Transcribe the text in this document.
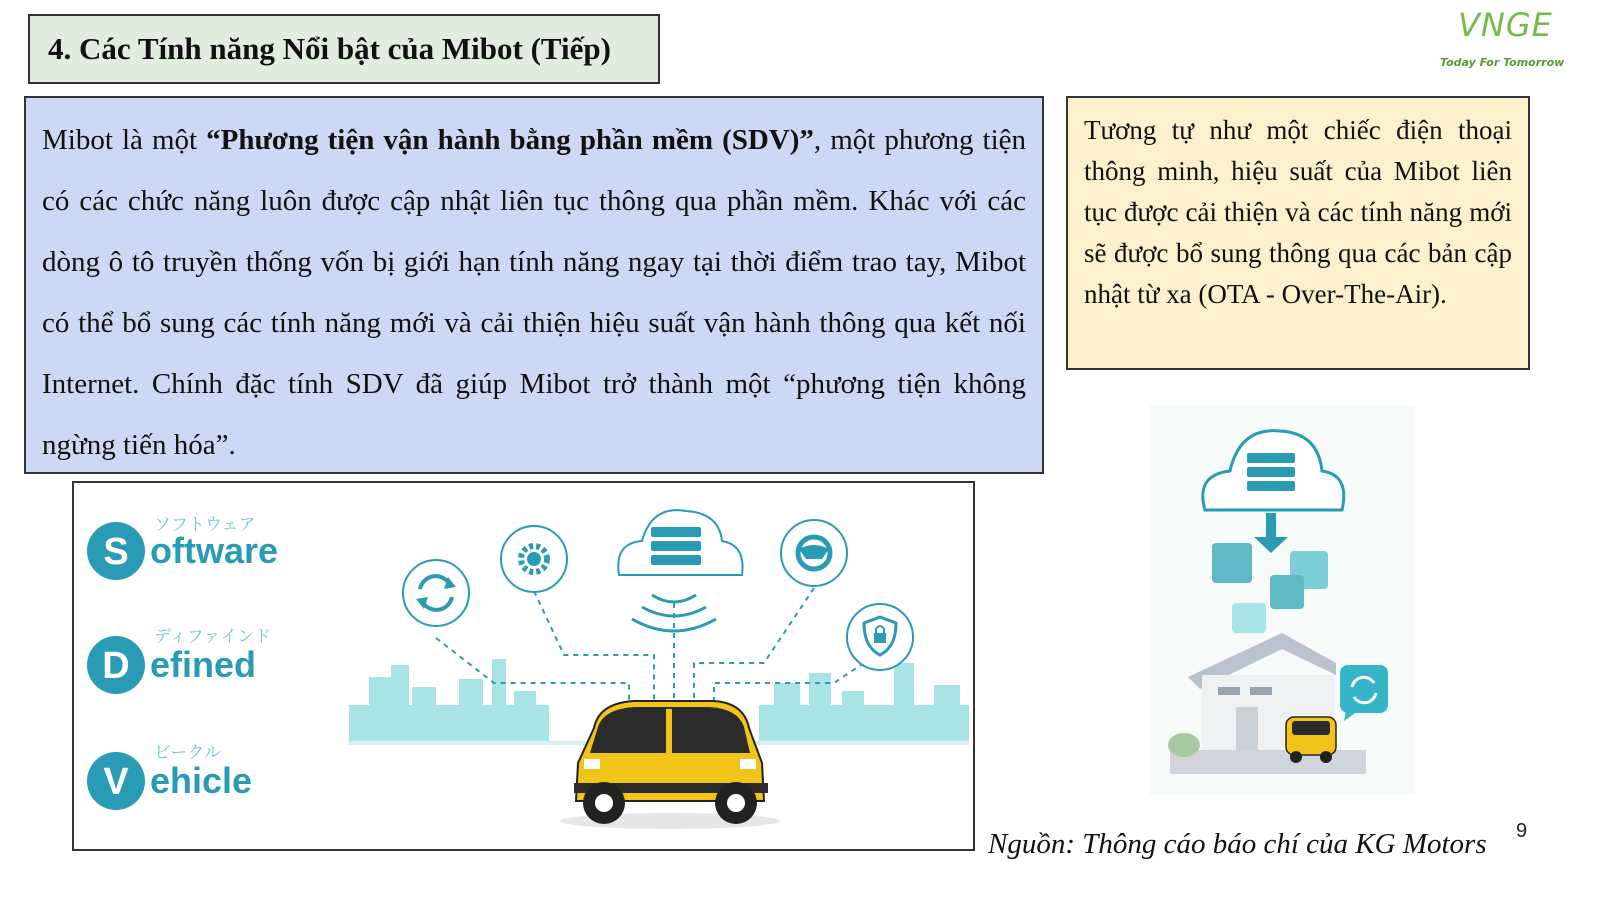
4. Các Tính năng Nổi bật của Mibot (Tiếp)
VNGE
Today For Tomorrow

Mibot là một “Phương tiện vận hành bằng phần mềm (SDV)”, một phương tiện có các chức năng luôn được cập nhật liên tục thông qua phần mềm. Khác với các dòng ô tô truyền thống vốn bị giới hạn tính năng ngay tại thời điểm trao tay, Mibot có thể bổ sung các tính năng mới và cải thiện hiệu suất vận hành thông qua kết nối Internet. Chính đặc tính SDV đã giúp Mibot trở thành một “phương tiện không ngừng tiến hóa”.

Tương tự như một chiếc điện thoại thông minh, hiệu suất của Mibot liên tục được cải thiện và các tính năng mới sẽ được bổ sung thông qua các bản cập nhật từ xa (OTA - Over-The-Air).

ソフトウェア
S oftware
ディファインド
D efined
ビークル
V ehicle
Nguồn: Thông cáo báo chí của KG Motors 9
